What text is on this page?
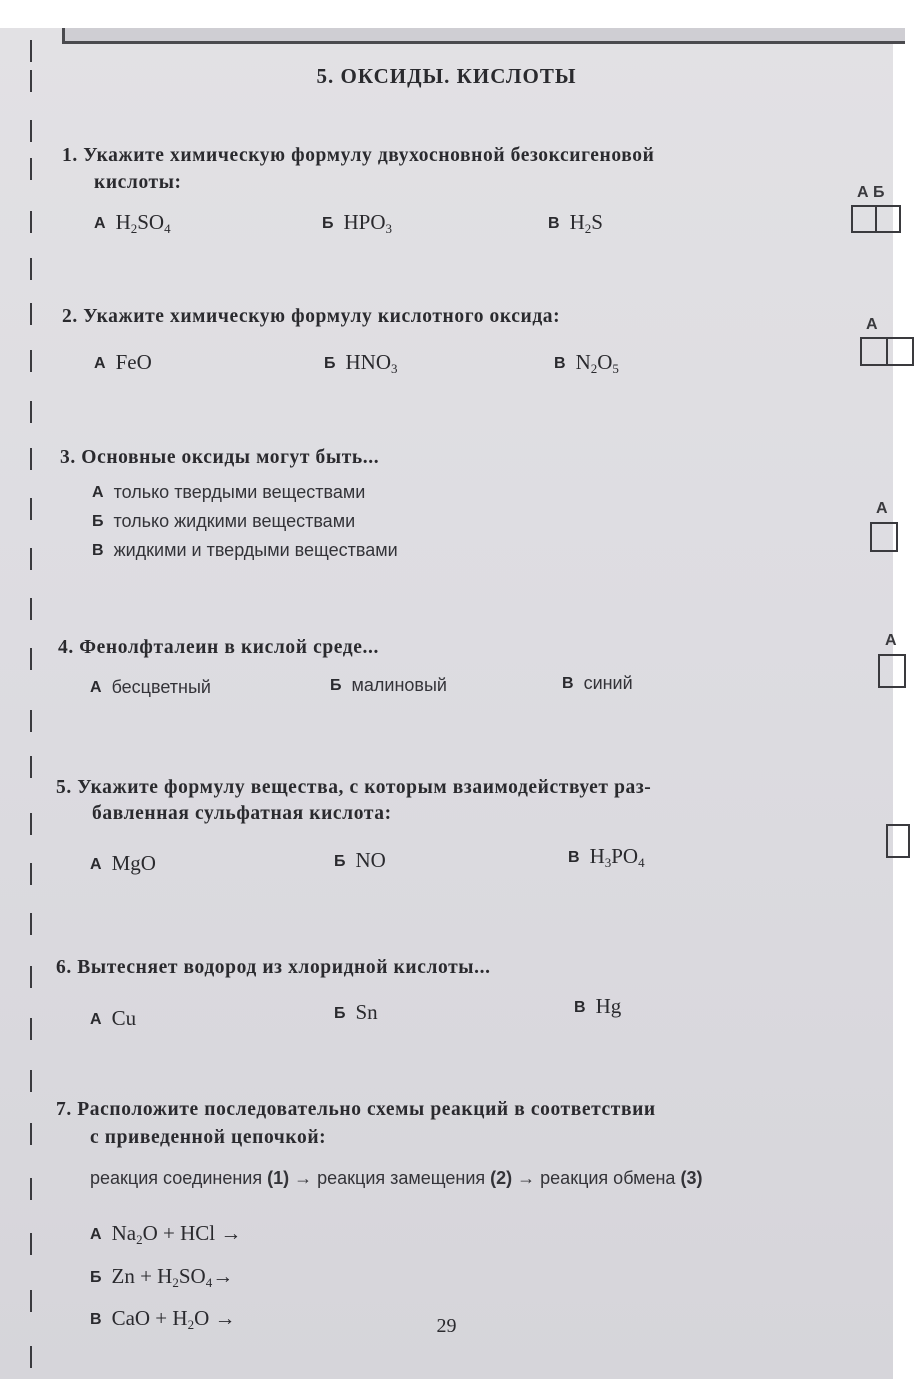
5. ОКСИДЫ. КИСЛОТЫ
1. Укажите химическую формулу двухосновной безоксигеновой
кислоты:
А $H_2SO_4$	Б $HPO_3$	В $H_2S$
2. Укажите химическую формулу кислотного оксида:
А FeO	Б $HNO_3$	В $N_2O_5$
3. Основные оксиды могут быть...
А только твердыми веществами
Б только жидкими веществами
В жидкими и твердыми веществами
4. Фенолфталеин в кислой среде...
А бесцветный	Б малиновый	В синий
5. Укажите формулу вещества, с которым взаимодействует раз-
бавленная сульфатная кислота:
А MgO	Б NO	В $H_3PO_4$
6. Вытесняет водород из хлоридной кислоты...
А Cu	Б Sn	В Hg
7. Расположите последовательно схемы реакций в соответствии
с приведенной цепочкой:
реакция соединения (1) → реакция замещения (2) → реакция обмена (3)
А $Na_2O$ + HCl →
Б $Zn + H_2SO_4\to$
В CaO + $H_2O$ →
А Б
А
А
А
29
